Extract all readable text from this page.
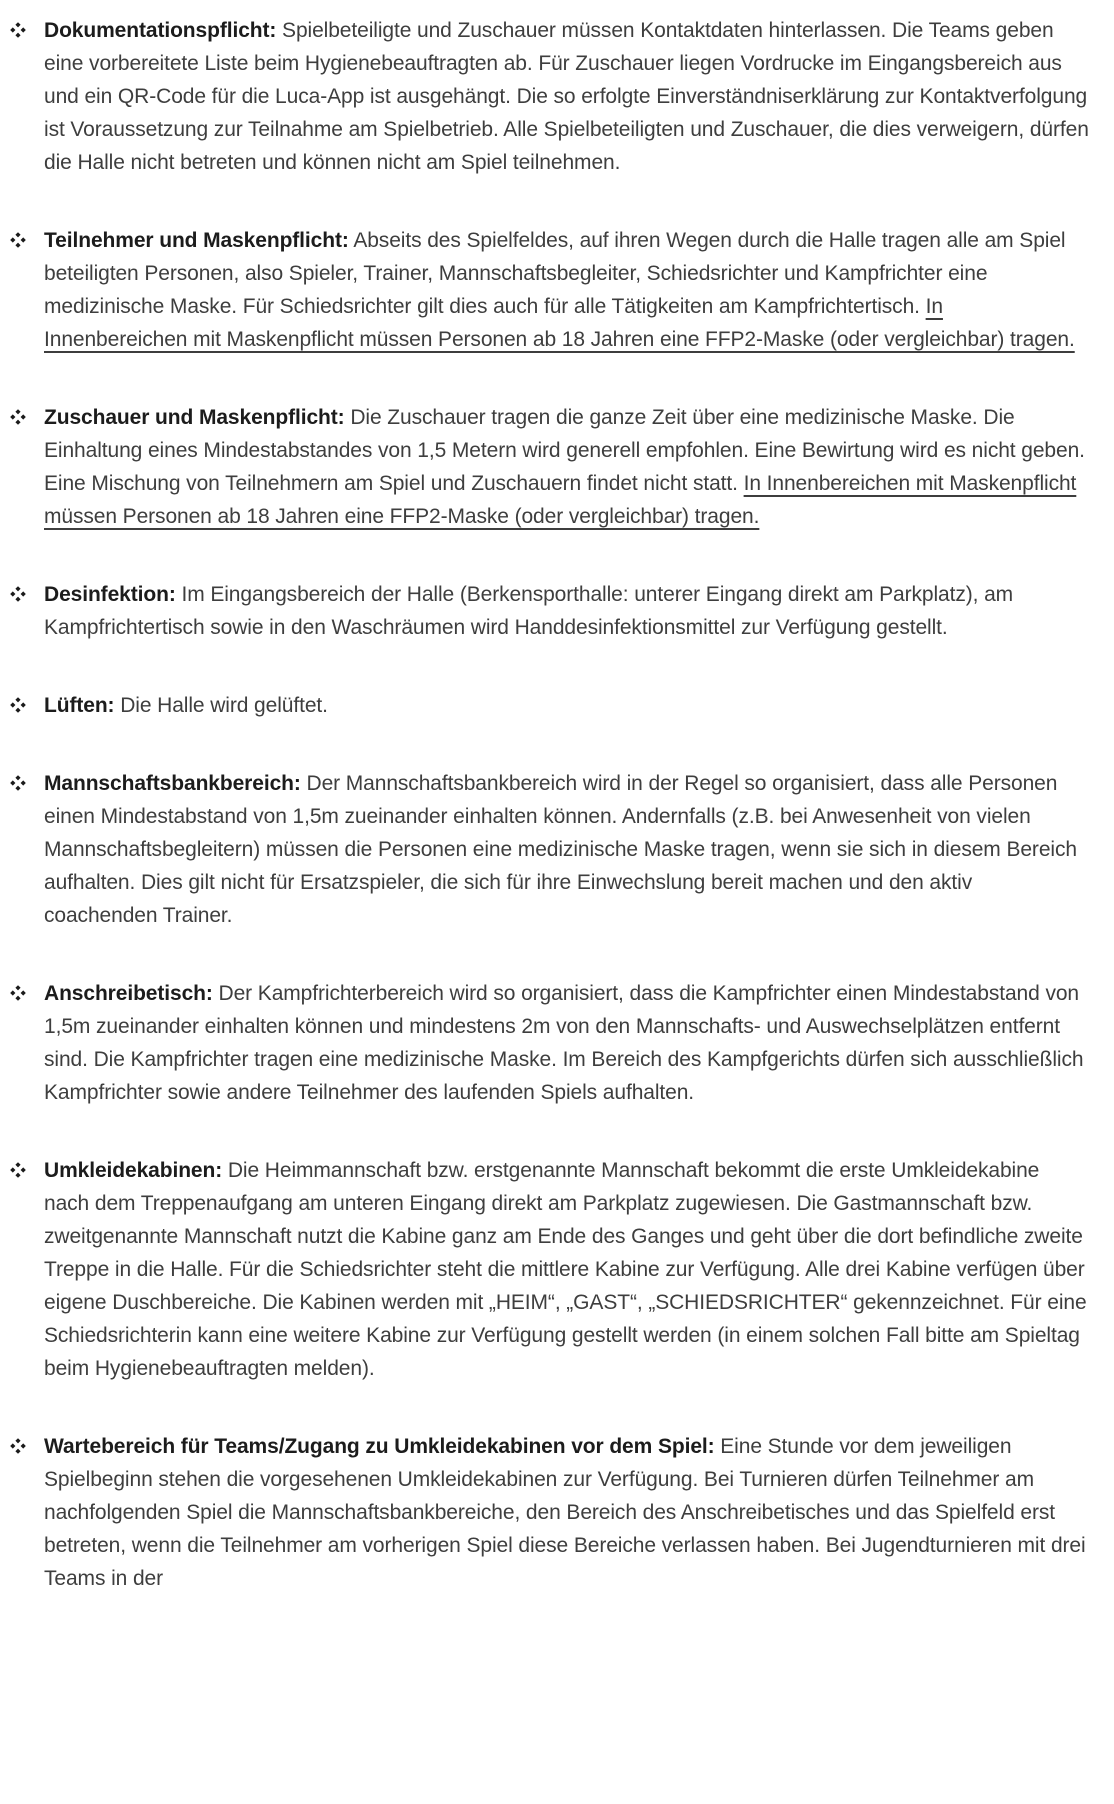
Dokumentationspflicht: Spielbeteiligte und Zuschauer müssen Kontaktdaten hinterlassen. Die Teams geben eine vorbereitete Liste beim Hygienebeauftragten ab. Für Zuschauer liegen Vordrucke im Eingangsbereich aus und ein QR-Code für die Luca-App ist ausgehängt. Die so erfolgte Einverständniserklärung zur Kontaktverfolgung ist Voraussetzung zur Teilnahme am Spielbetrieb. Alle Spielbeteiligten und Zuschauer, die dies verweigern, dürfen die Halle nicht betreten und können nicht am Spiel teilnehmen.

Teilnehmer und Maskenpflicht: Abseits des Spielfeldes, auf ihren Wegen durch die Halle tragen alle am Spiel beteiligten Personen, also Spieler, Trainer, Mannschaftsbegleiter, Schiedsrichter und Kampfrichter eine medizinische Maske. Für Schiedsrichter gilt dies auch für alle Tätigkeiten am Kampfrichtertisch. In Innenbereichen mit Maskenpflicht müssen Personen ab 18 Jahren eine FFP2-Maske (oder vergleichbar) tragen.

Zuschauer und Maskenpflicht: Die Zuschauer tragen die ganze Zeit über eine medizinische Maske. Die Einhaltung eines Mindestabstandes von 1,5 Metern wird generell empfohlen. Eine Bewirtung wird es nicht geben. Eine Mischung von Teilnehmern am Spiel und Zuschauern findet nicht statt. In Innenbereichen mit Maskenpflicht müssen Personen ab 18 Jahren eine FFP2-Maske (oder vergleichbar) tragen.

Desinfektion: Im Eingangsbereich der Halle (Berkensporthalle: unterer Eingang direkt am Parkplatz), am Kampfrichtertisch sowie in den Waschräumen wird Handdesinfektionsmittel zur Verfügung gestellt.

Lüften: Die Halle wird gelüftet.

Mannschaftsbankbereich: Der Mannschaftsbankbereich wird in der Regel so organisiert, dass alle Personen einen Mindestabstand von 1,5m zueinander einhalten können. Andernfalls (z.B. bei Anwesenheit von vielen Mannschaftsbegleitern) müssen die Personen eine medizinische Maske tragen, wenn sie sich in diesem Bereich aufhalten. Dies gilt nicht für Ersatzspieler, die sich für ihre Einwechslung bereit machen und den aktiv coachenden Trainer.

Anschreibetisch: Der Kampfrichterbereich wird so organisiert, dass die Kampfrichter einen Mindestabstand von 1,5m zueinander einhalten können und mindestens 2m von den Mannschafts- und Auswechselplätzen entfernt sind. Die Kampfrichter tragen eine medizinische Maske. Im Bereich des Kampfgerichts dürfen sich ausschließlich Kampfrichter sowie andere Teilnehmer des laufenden Spiels aufhalten.

Umkleidekabinen: Die Heimmannschaft bzw. erstgenannte Mannschaft bekommt die erste Umkleidekabine nach dem Treppenaufgang am unteren Eingang direkt am Parkplatz zugewiesen. Die Gastmannschaft bzw. zweitgenannte Mannschaft nutzt die Kabine ganz am Ende des Ganges und geht über die dort befindliche zweite Treppe in die Halle. Für die Schiedsrichter steht die mittlere Kabine zur Verfügung. Alle drei Kabine verfügen über eigene Duschbereiche. Die Kabinen werden mit „HEIM“, „GAST“, „SCHIEDSRICHTER“ gekennzeichnet. Für eine Schiedsrichterin kann eine weitere Kabine zur Verfügung gestellt werden (in einem solchen Fall bitte am Spieltag beim Hygienebeauftragten melden).

Wartebereich für Teams/Zugang zu Umkleidekabinen vor dem Spiel: Eine Stunde vor dem jeweiligen Spielbeginn stehen die vorgesehenen Umkleidekabinen zur Verfügung. Bei Turnieren dürfen Teilnehmer am nachfolgenden Spiel die Mannschaftsbankbereiche, den Bereich des Anschreibetisches und das Spielfeld erst betreten, wenn die Teilnehmer am vorherigen Spiel diese Bereiche verlassen haben. Bei Jugendturnieren mit drei Teams in der
